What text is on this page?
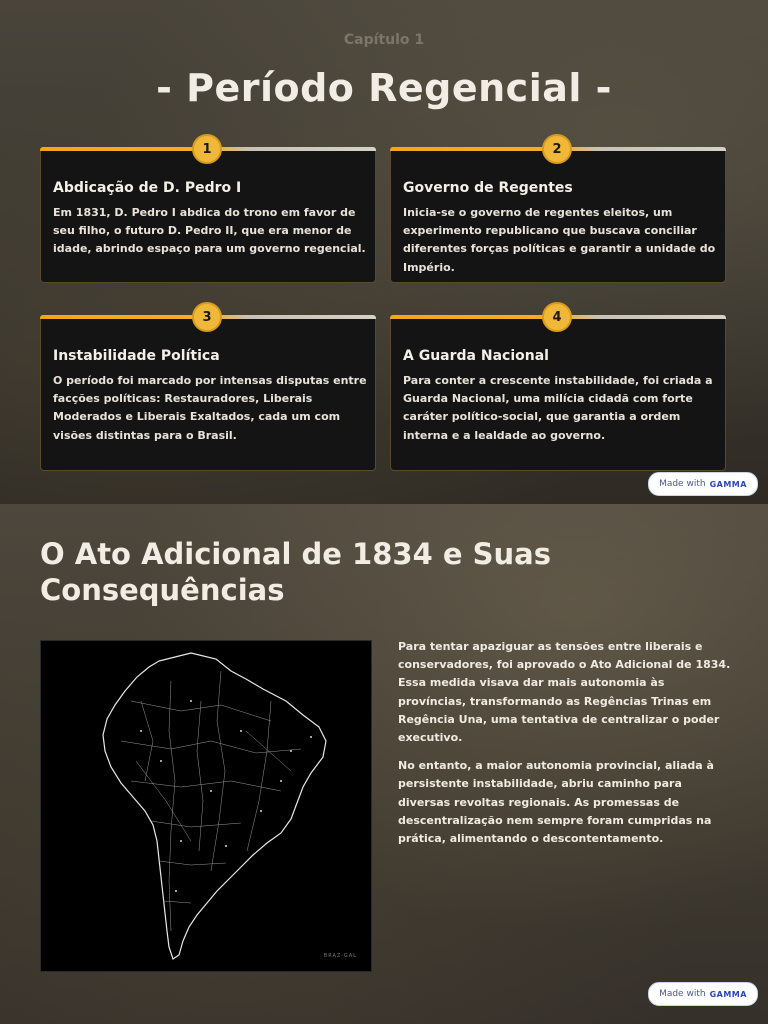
Capítulo 1
- Período Regencial -
1
Abdicação de D. Pedro I
Em 1831, D. Pedro I abdica do trono em favor de seu filho, o futuro D. Pedro II, que era menor de idade, abrindo espaço para um governo regencial.
2
Governo de Regentes
Inicia-se o governo de regentes eleitos, um experimento republicano que buscava conciliar diferentes forças políticas e garantir a unidade do Império.
3
Instabilidade Política
O período foi marcado por intensas disputas entre facções políticas: Restauradores, Liberais Moderados e Liberais Exaltados, cada um com visões distintas para o Brasil.
4
A Guarda Nacional
Para conter a crescente instabilidade, foi criada a Guarda Nacional, uma milícia cidadã com forte caráter político-social, que garantia a ordem interna e a lealdade ao governo.
Made with GAMMA
O Ato Adicional de 1834 e Suas
Consequências
BRAZ·GAL

Para tentar apaziguar as tensões entre liberais e conservadores, foi aprovado o Ato Adicional de 1834. Essa medida visava dar mais autonomia às províncias, transformando as Regências Trinas em Regência Una, uma tentativa de centralizar o poder executivo.

No entanto, a maior autonomia provincial, aliada à persistente instabilidade, abriu caminho para diversas revoltas regionais. As promessas de descentralização nem sempre foram cumpridas na prática, alimentando o descontentamento.

Made with GAMMA
